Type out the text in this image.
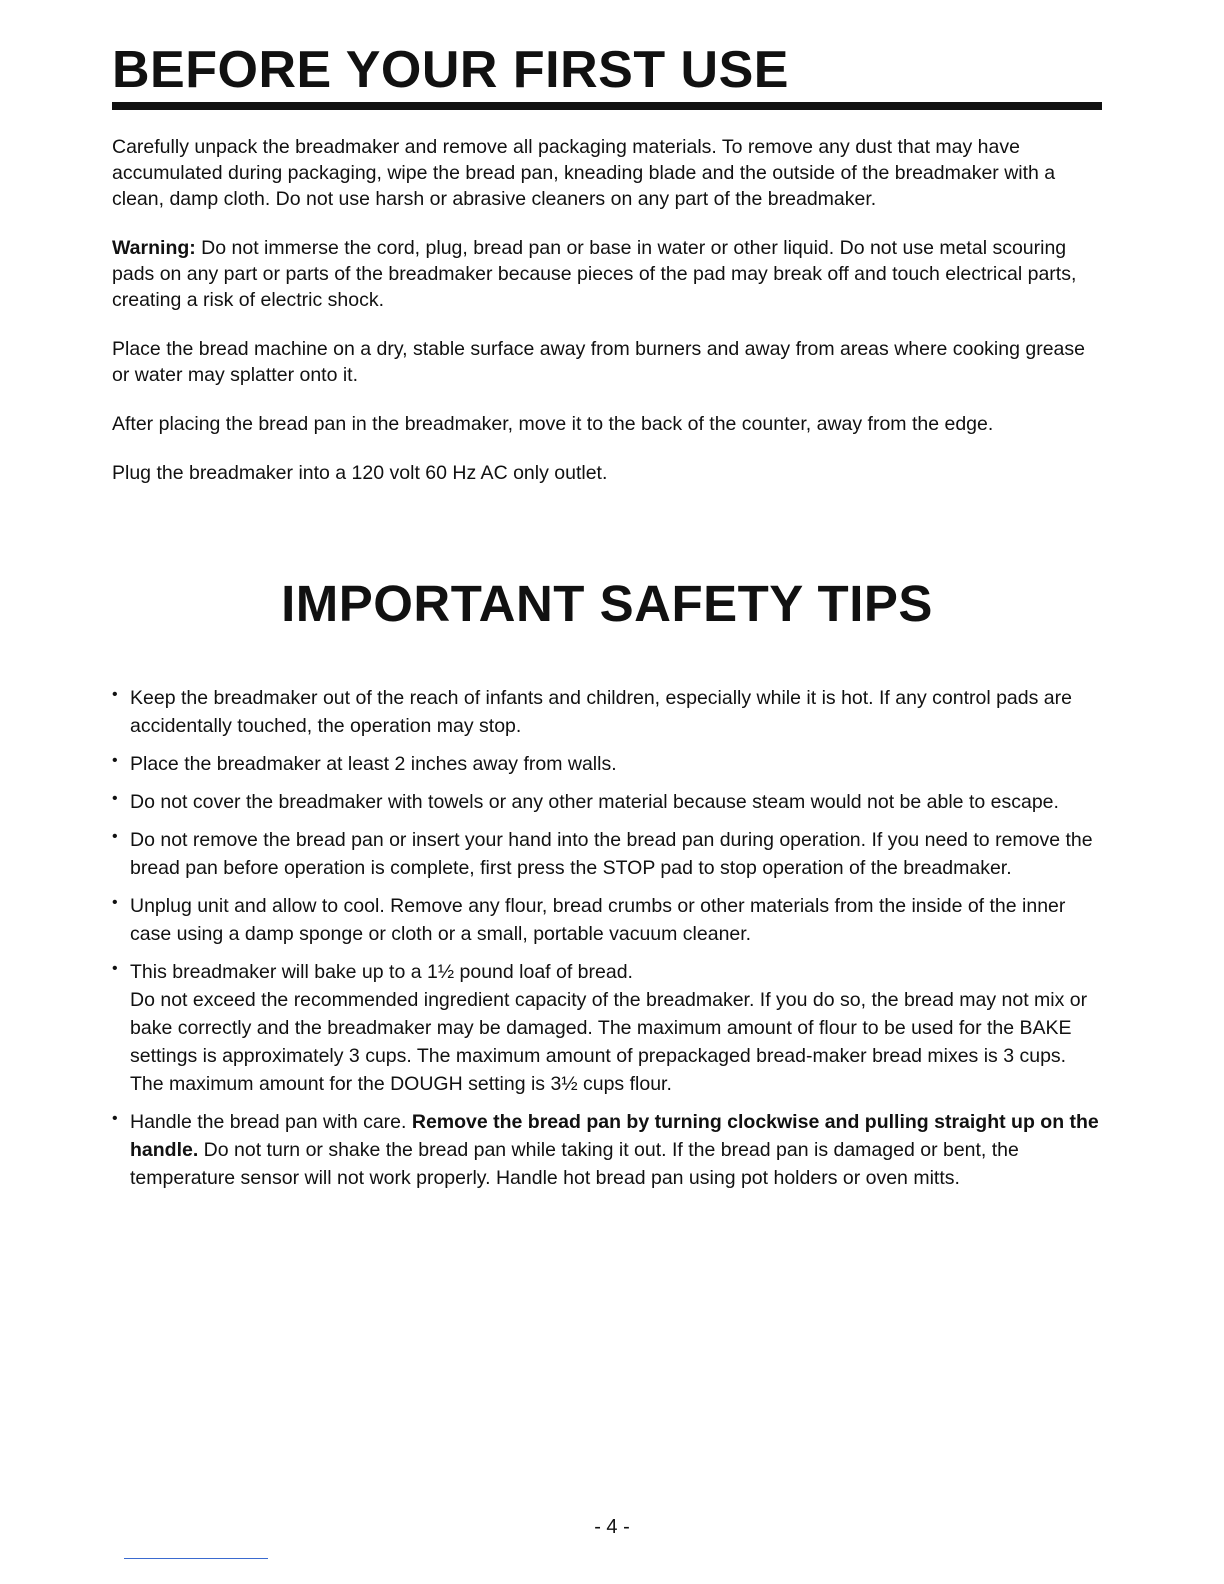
BEFORE YOUR FIRST USE

Carefully unpack the breadmaker and remove all packaging materials. To remove any dust that may have accumulated during packaging, wipe the bread pan, kneading blade and the outside of the breadmaker with a clean, damp cloth. Do not use harsh or abrasive cleaners on any part of the breadmaker.

Warning: Do not immerse the cord, plug, bread pan or base in water or other liquid. Do not use metal scouring pads on any part or parts of the breadmaker because pieces of the pad may break off and touch electrical parts, creating a risk of electric shock.

Place the bread machine on a dry, stable surface away from burners and away from areas where cooking grease or water may splatter onto it.

After placing the bread pan in the breadmaker, move it to the back of the counter, away from the edge.

Plug the breadmaker into a 120 volt 60 Hz AC only outlet.

IMPORTANT SAFETY TIPS
• Keep the breadmaker out of the reach of infants and children, especially while it is hot. If any control pads are accidentally touched, the operation may stop.
• Place the breadmaker at least 2 inches away from walls.
• Do not cover the breadmaker with towels or any other material because steam would not be able to escape.
• Do not remove the bread pan or insert your hand into the bread pan during operation. If you need to remove the bread pan before operation is complete, first press the STOP pad to stop operation of the breadmaker.
• Unplug unit and allow to cool. Remove any flour, bread crumbs or other materials from the inside of the inner case using a damp sponge or cloth or a small, portable vacuum cleaner.
• This breadmaker will bake up to a 1½ pound loaf of bread.
Do not exceed the recommended ingredient capacity of the breadmaker. If you do so, the bread may not mix or bake correctly and the breadmaker may be damaged. The maximum amount of flour to be used for the BAKE settings is approximately 3 cups. The maximum amount of prepackaged bread-maker bread mixes is 3 cups. The maximum amount for the DOUGH setting is 3½ cups flour.
• Handle the bread pan with care. Remove the bread pan by turning clockwise and pulling straight up on the handle. Do not turn or shake the bread pan while taking it out. If the bread pan is damaged or bent, the temperature sensor will not work properly. Handle hot bread pan using pot holders or oven mitts.
- 4 -
